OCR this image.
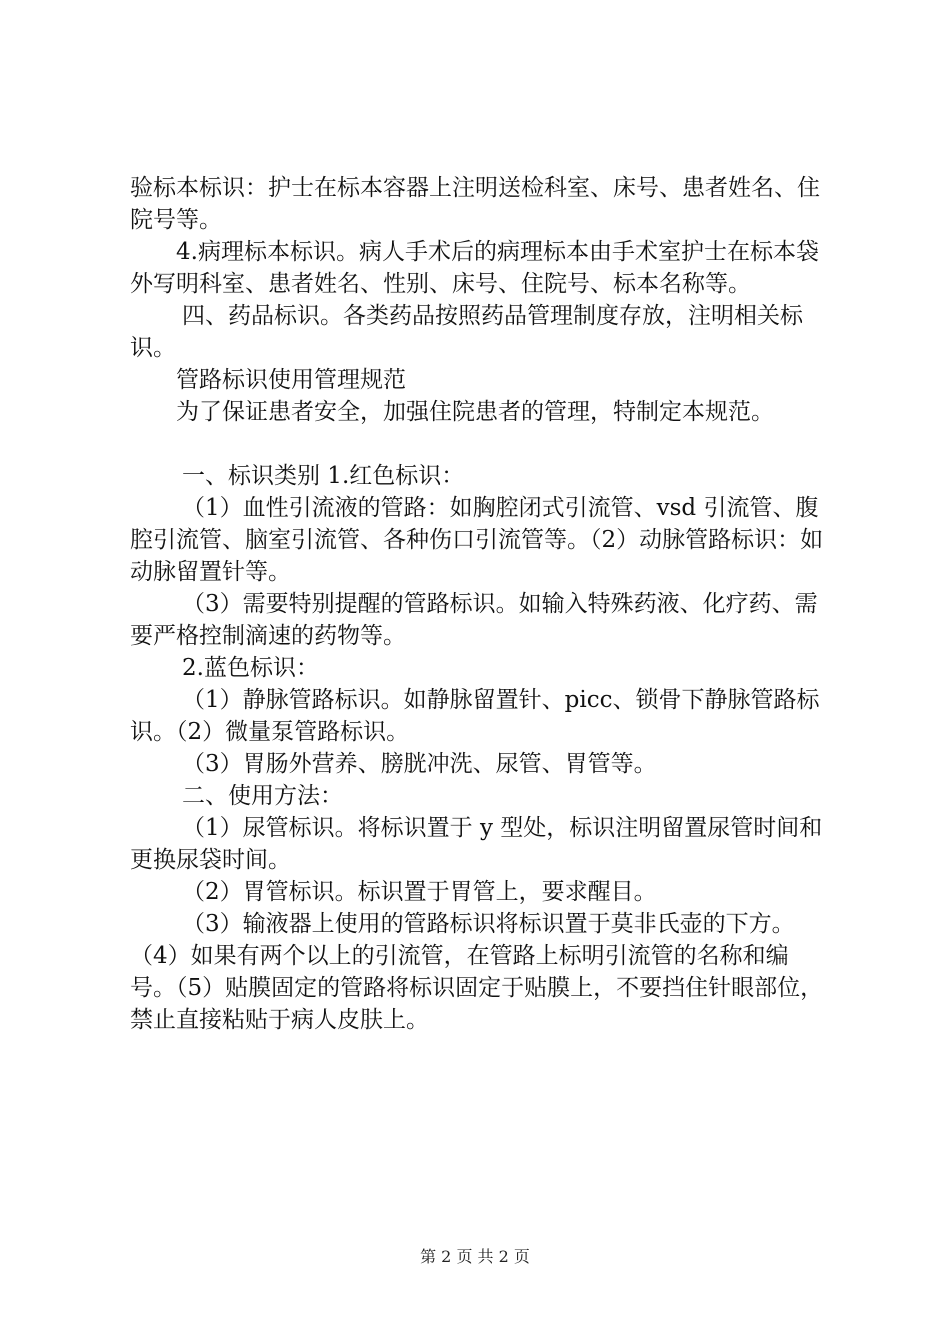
验标本标识：护士在标本容器上注明送检科室、床号、患者姓名、住院号等。

4.病理标本标识。病人手术后的病理标本由手术室护士在标本袋外写明科室、患者姓名、性别、床号、住院号、标本名称等。

四、药品标识。各类药品按照药品管理制度存放，注明相关标识。

管路标识使用管理规范

为了保证患者安全，加强住院患者的管理，特制定本规范。

一、标识类别 1.红色标识：

（1）血性引流液的管路：如胸腔闭式引流管、vsd 引流管、腹腔引流管、脑室引流管、各种伤口引流管等。（2）动脉管路标识：如动脉留置针等。

（3）需要特别提醒的管路标识。如输入特殊药液、化疗药、需要严格控制滴速的药物等。

2.蓝色标识：

（1）静脉管路标识。如静脉留置针、picc、锁骨下静脉管路标识。（2）微量泵管路标识。

（3）胃肠外营养、膀胱冲洗、尿管、胃管等。

二、使用方法：

（1）尿管标识。将标识置于 y 型处，标识注明留置尿管时间和更换尿袋时间。

（2）胃管标识。标识置于胃管上，要求醒目。

（3）输液器上使用的管路标识将标识置于莫非氏壶的下方。（4）如果有两个以上的引流管，在管路上标明引流管的名称和编号。（5）贴膜固定的管路将标识固定于贴膜上，不要挡住针眼部位，禁止直接粘贴于病人皮肤上。

第 2 页 共 2 页
